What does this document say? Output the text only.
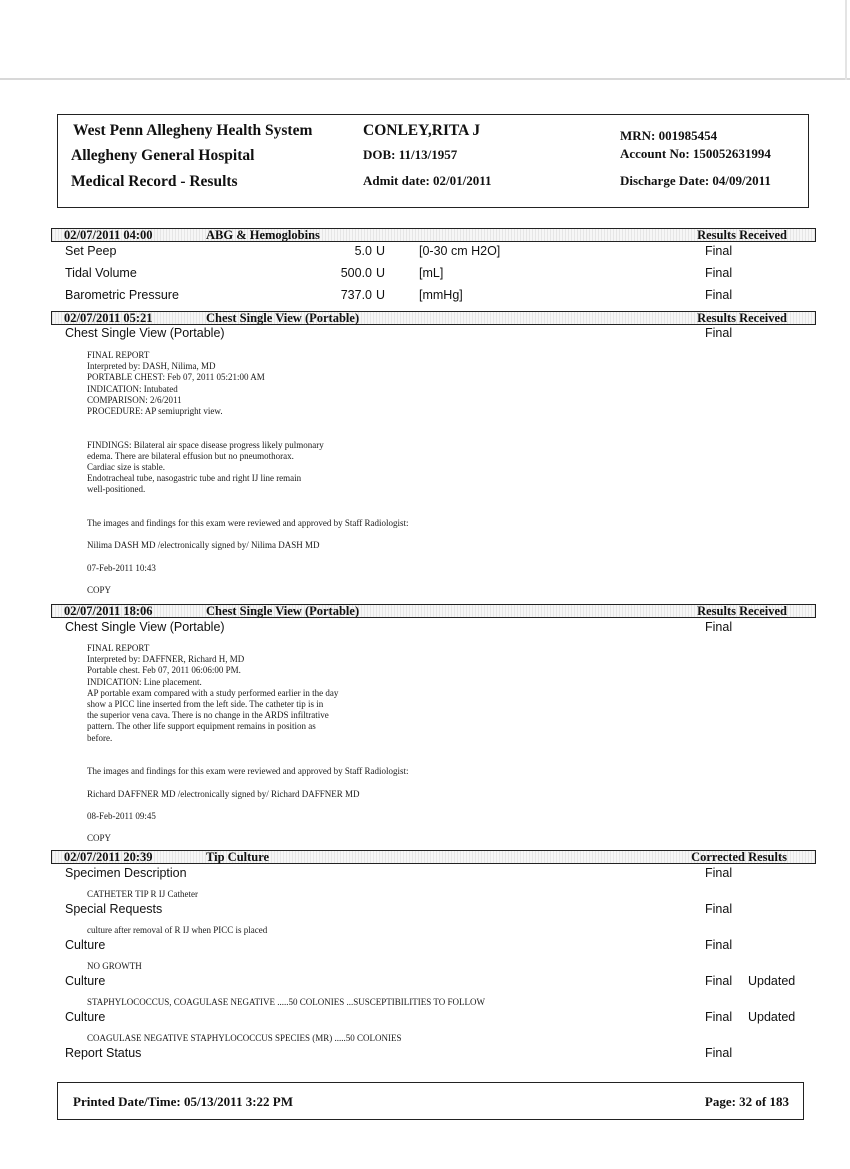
West Penn Allegheny Health System
Allegheny General Hospital
Medical Record - Results
CONLEY,RITA J
DOB: 11/13/1957
Admit date: 02/01/2011
MRN: 001985454
Account No: 150052631994
Discharge Date: 04/09/2011
02/07/2011 04:00	ABG & Hemoglobins	Results Received
Set Peep	5.0 U	[0-30 cm H2O]	Final
Tidal Volume	500.0 U	[mL]	Final
Barometric Pressure	737.0 U	[mmHg]	Final
02/07/2011 05:21	Chest Single View (Portable)	Results Received
Chest Single View (Portable)	Final
FINAL REPORT
Interpreted by: DASH, Nilima, MD
PORTABLE CHEST: Feb 07, 2011 05:21:00 AM
INDICATION: Intubated
COMPARISON: 2/6/2011
PROCEDURE: AP semiupright view.
FINDINGS: Bilateral air space disease progress likely pulmonary
edema. There are bilateral effusion but no pneumothorax.
Cardiac size is stable.
Endotracheal tube, nasogastric tube and right IJ line remain
well-positioned.
The images and findings for this exam were reviewed and approved by Staff Radiologist:
Nilima DASH MD /electronically signed by/ Nilima DASH MD
07-Feb-2011 10:43
COPY
02/07/2011 18:06	Chest Single View (Portable)	Results Received
Chest Single View (Portable)	Final
FINAL REPORT
Interpreted by: DAFFNER, Richard H, MD
Portable chest. Feb 07, 2011 06:06:00 PM.
INDICATION: Line placement.
AP portable exam compared with a study performed earlier in the day
show a PICC line inserted from the left side. The catheter tip is in
the superior vena cava. There is no change in the ARDS infiltrative
pattern. The other life support equipment remains in position as
before.
The images and findings for this exam were reviewed and approved by Staff Radiologist:
Richard DAFFNER MD /electronically signed by/ Richard DAFFNER MD
08-Feb-2011 09:45
COPY
02/07/2011 20:39	Tip Culture	Corrected Results
Specimen Description	Final
CATHETER TIP R IJ Catheter
Special Requests	Final
culture after removal of R IJ when PICC is placed
Culture	Final
NO GROWTH
Culture	Final Updated
STAPHYLOCOCCUS, COAGULASE NEGATIVE .....50 COLONIES ...SUSCEPTIBILITIES TO FOLLOW
Culture	Final Updated
COAGULASE NEGATIVE STAPHYLOCOCCUS SPECIES (MR) .....50 COLONIES
Report Status	Final
Printed Date/Time: 05/13/2011 3:22 PM	Page: 32 of 183
